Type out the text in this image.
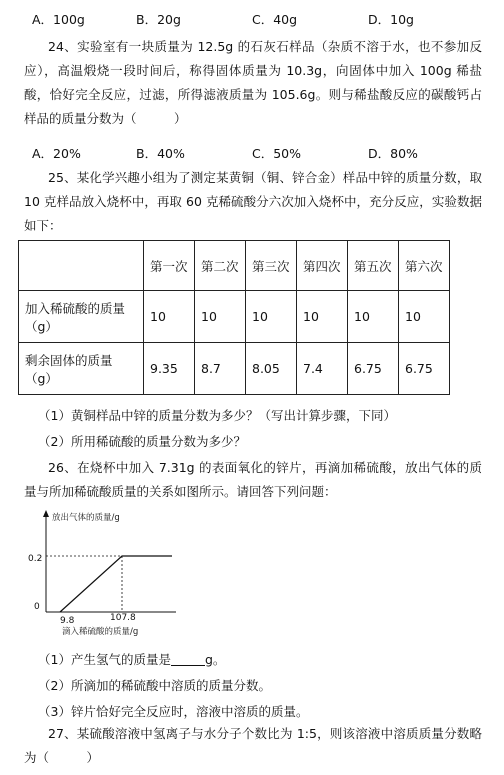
A．100g	B．20g	C．40g	D．10g
24、实验室有一块质量为 12.5g 的石灰石样品（杂质不溶于水，也不参加反应），高温煅烧一段时间后，称得固体质量为 10.3g，向固体中加入 100g 稀盐酸，恰好完全反应，过滤，所得滤液质量为 105.6g。则与稀盐酸反应的碳酸钙占样品的质量分数为（　　　）
A．20%	B．40%	C．50%	D．80%
25、某化学兴趣小组为了测定某黄铜（铜、锌合金）样品中锌的质量分数，取 10 克样品放入烧杯中，再取 60 克稀硫酸分六次加入烧杯中，充分反应，实验数据如下：
	第一次	第二次	第三次	第四次	第五次	第六次
加入稀硫酸的质量（g）	10	10	10	10	10	10
剩余固体的质量（g）	9.35	8.7	8.05	7.4	6.75	6.75
（1）黄铜样品中锌的质量分数为多少？（写出计算步骤，下同）
（2）所用稀硫酸的质量分数为多少？
26、在烧杯中加入 7.31g 的表面氧化的锌片，再滴加稀硫酸，放出气体的质量与所加稀硫酸质量的关系如图所示。请回答下列问题：
放出气体的质量/g
滴入稀硫酸的质量/g
0.2
0
9.8	107.8
（1）产生氢气的质量是	g。
（2）所滴加的稀硫酸中溶质的质量分数。
（3）锌片恰好完全反应时，溶液中溶质的质量。
27、某硫酸溶液中氢离子与水分子个数比为 1:5，则该溶液中溶质质量分数略为（　　　）
